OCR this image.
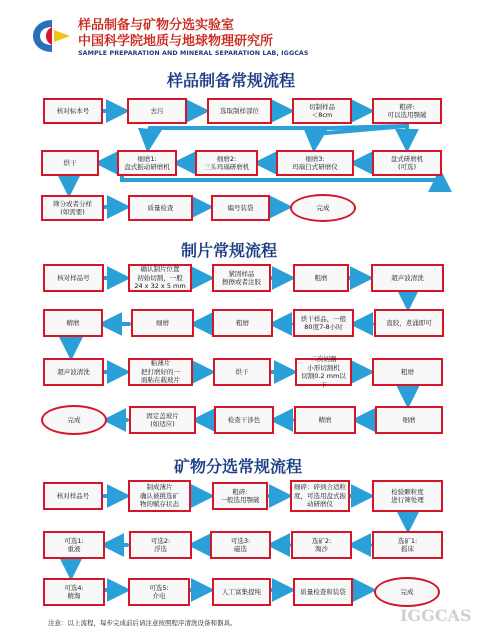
样品制备与矿物分选实验室
中国科学院地质与地球物理研究所
SAMPLE PREPARATION AND MINERAL SEPARATION LAB, IGGCAS
样品制备常规流程
核对标本号	去污	选取制样部位
切制样品
＜8cm
粗碎:
可以选用颚破
盘式研磨机
(可选)
细磨3:
玛瑙臼式研磨仪
细磨2:
三头玛瑙研磨机
细磨1:
盘式振动研磨机
烘干
筛分或者分样
(如需要)
质量检查	编号装袋	完成
制片常规流程
核对样品号
确认制片位置
初始切割，一般
24 x 32 x 5 mm
紧固样品
擦擦或者注胶
粗磨	超声波清洗
直胶，煮涌即可
烘干样品，一般
80度7-8小时
粗磨
细磨
精磨
超声波清洗
粘薄片
把打磨好的一
面粘在载玻片
烘干
二次切割
小形切割机
切割0.2 mm以下
粗磨
细磨
精磨
检查干涉色
固定盖玻片
(如适应)
完成
矿物分选常规流程
核对样品号
制成薄片
确认被挑选矿
物的赋存状态
粗碎:
一般选用颚破
细碎：碎到合适粒
度，可选用盘式振
动研磨仪
检验颗粒度
进行筛处理
选矿1:
摇床
选矿2:
淘沙
可选3:
磁选
可选2:
浮选
可选1:
重液
可选4:
精淘
可选5:
介电
人工富集提纯	质量检查和装袋	完成
注意：以上流程，每步完成前后请注意按照程序清洗设备和器具。	IGGCAS
